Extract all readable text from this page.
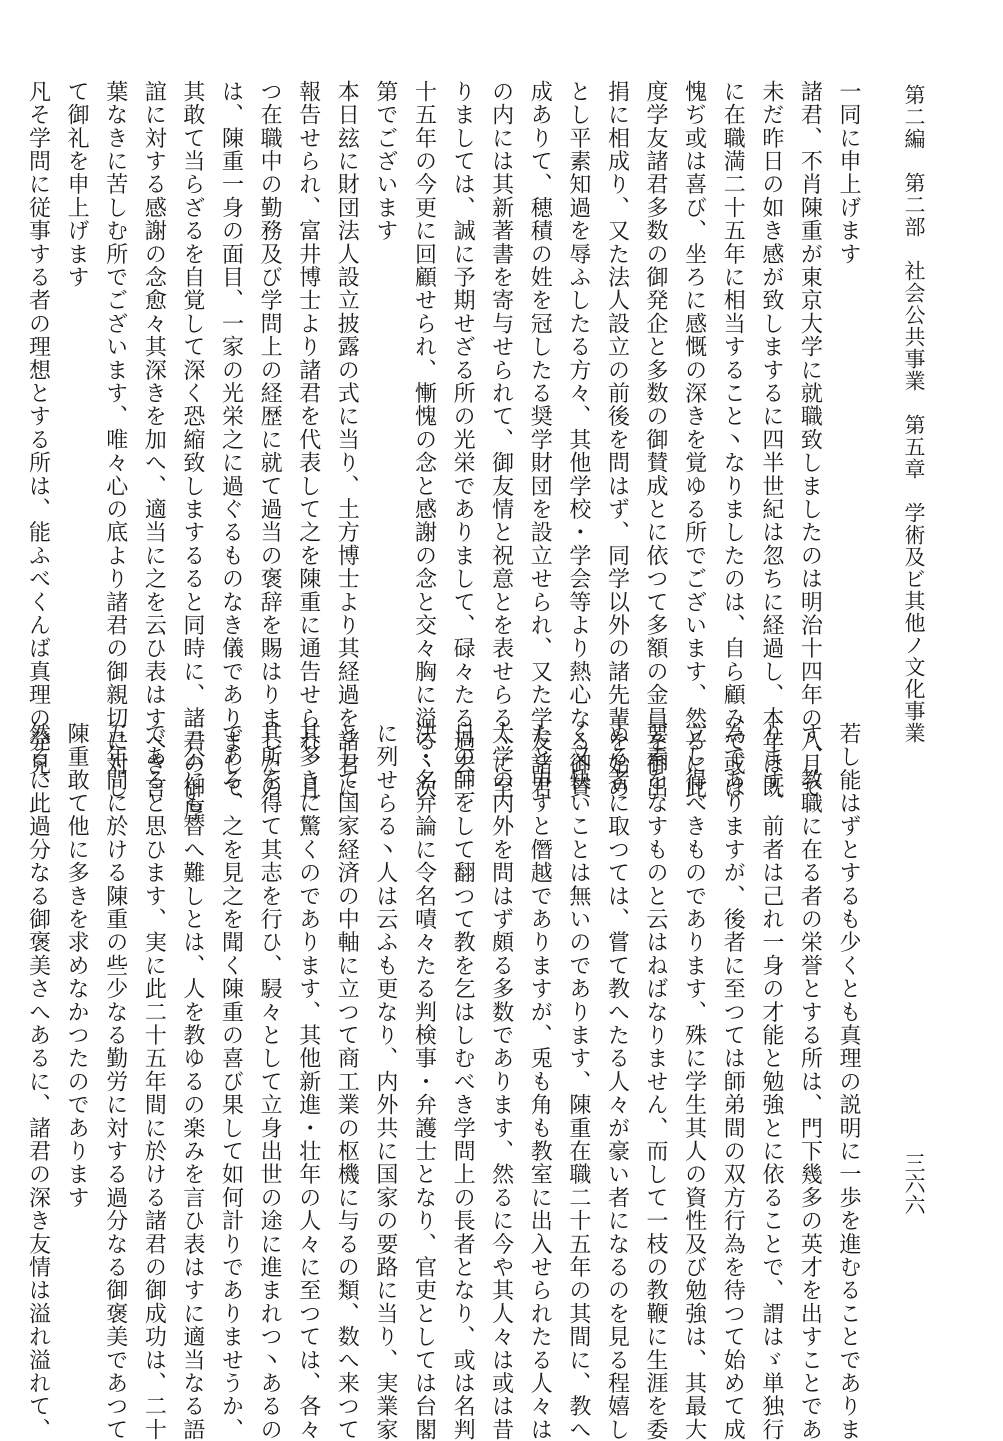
第二編　第二部　社会公共事業　第五章　学術及ビ其他ノ文化事業
三六六
一同に申上げます
諸君、不肖陳重が東京大学に就職致しましたのは明治十四年の八月で
未だ昨日の如き感が致しまするに四半世紀は忽ちに経過し、本年は既
に在職満二十五年に相当すること丶なりましたのは、自ら顧みて或は
愧ぢ或は喜び、坐ろに感慨の深きを覚ゆる所でございます、然るに此
度学友諸君多数の御発企と多数の御賛成とに依つて多額の金員を御出
捐に相成り、又た法人設立の前後を問はず、同学以外の諸先輩を始め
とし平素知過を辱ふしたる方々、其他学校・学会等より熱心なる御賛
成ありて、穂積の姓を冠したる奨学財団を設立せられ、又た学友諸君
の内には其新著書を寄与せられて、御友情と祝意とを表せらる丶に至
りましては、誠に予期せざる所の光栄でありまして、碌々たる過去二
十五年の今更に回顧せられ、慚愧の念と感謝の念と交々胸に溢る丶次
第でございます
本日玆に財団法人設立披露の式に当り、土方博士より其経過を諸君に
報告せられ、富井博士より諸君を代表して之を陳重に通告せられ、且
つ在職中の勤務及び学問上の経歴に就て過当の褒辞を賜はりましたの
は、陳重一身の面目、一家の光栄之に過ぐるものなき儀でありまして
其敢て当らざるを自覚して深く恐縮致しまするると同時に、諸君の御厚
誼に対する感謝の念愈々其深きを加へ、適当に之を云ひ表はすべき言
葉なきに苦しむ所でございます、唯々心の底より諸君の御親切に対し
て御礼を申上げます
凡そ学問に従事する者の理想とする所は、能ふべくんば真理の発見、
若し能はずとするも少くとも真理の説明に一歩を進むることでありま
す、教職に在る者の栄誉とする所は、門下幾多の英才を出すことであ
ります、前者は己れ一身の才能と勉強とに依ることで、謂はゞ単独行
為でありますが、後者に至つては師弟間の双方行為を待つて始めて成
立し得べきものであります、殊に学生其人の資性及び勉強は、其最大
要素をなすものと云はねばなりません、而して一枝の教鞭に生涯を委
ぬる者に取つては、嘗て教へたる人々が豪い者になるのを見る程嬉し
く又快いことは無いのであります、陳重在職二十五年の其間に、教へ
たと申すと僭越でありますが、兎も角も教室に出入せられたる人々は
大学の内外を問はず頗る多数であります、然るに今や其人々は或は昔
日の師をして翻つて教を乞はしむべき学問上の長者となり、或は名判
決・名弁論に令名嘖々たる判検事・弁護士となり、官吏としては台閣
に列せらる丶人は云ふも更なり、内外共に国家の要路に当り、実業家
として国家経済の中軸に立つて商工業の枢機に与るの類、数へ来つて
其多きに驚くのであります、其他新進・壮年の人々に至つては、各々
其所を得て其志を行ひ、駸々として立身出世の途に進まれつ丶あるの
である、之を見之を聞く陳重の喜び果して如何計りでありませうか、
三公にも替へ難しとは、人を教ゆるの楽みを言ひ表はすに適当なる語
であると思ひます、実に此二十五年間に於ける諸君の御成功は、二十
五年間に於ける陳重の些少なる勤労に対する過分なる御褒美であつて
陳重敢て他に多きを求めなかつたのであります
然るに此過分なる御褒美さへあるに、諸君の深き友情は溢れ溢れて、
